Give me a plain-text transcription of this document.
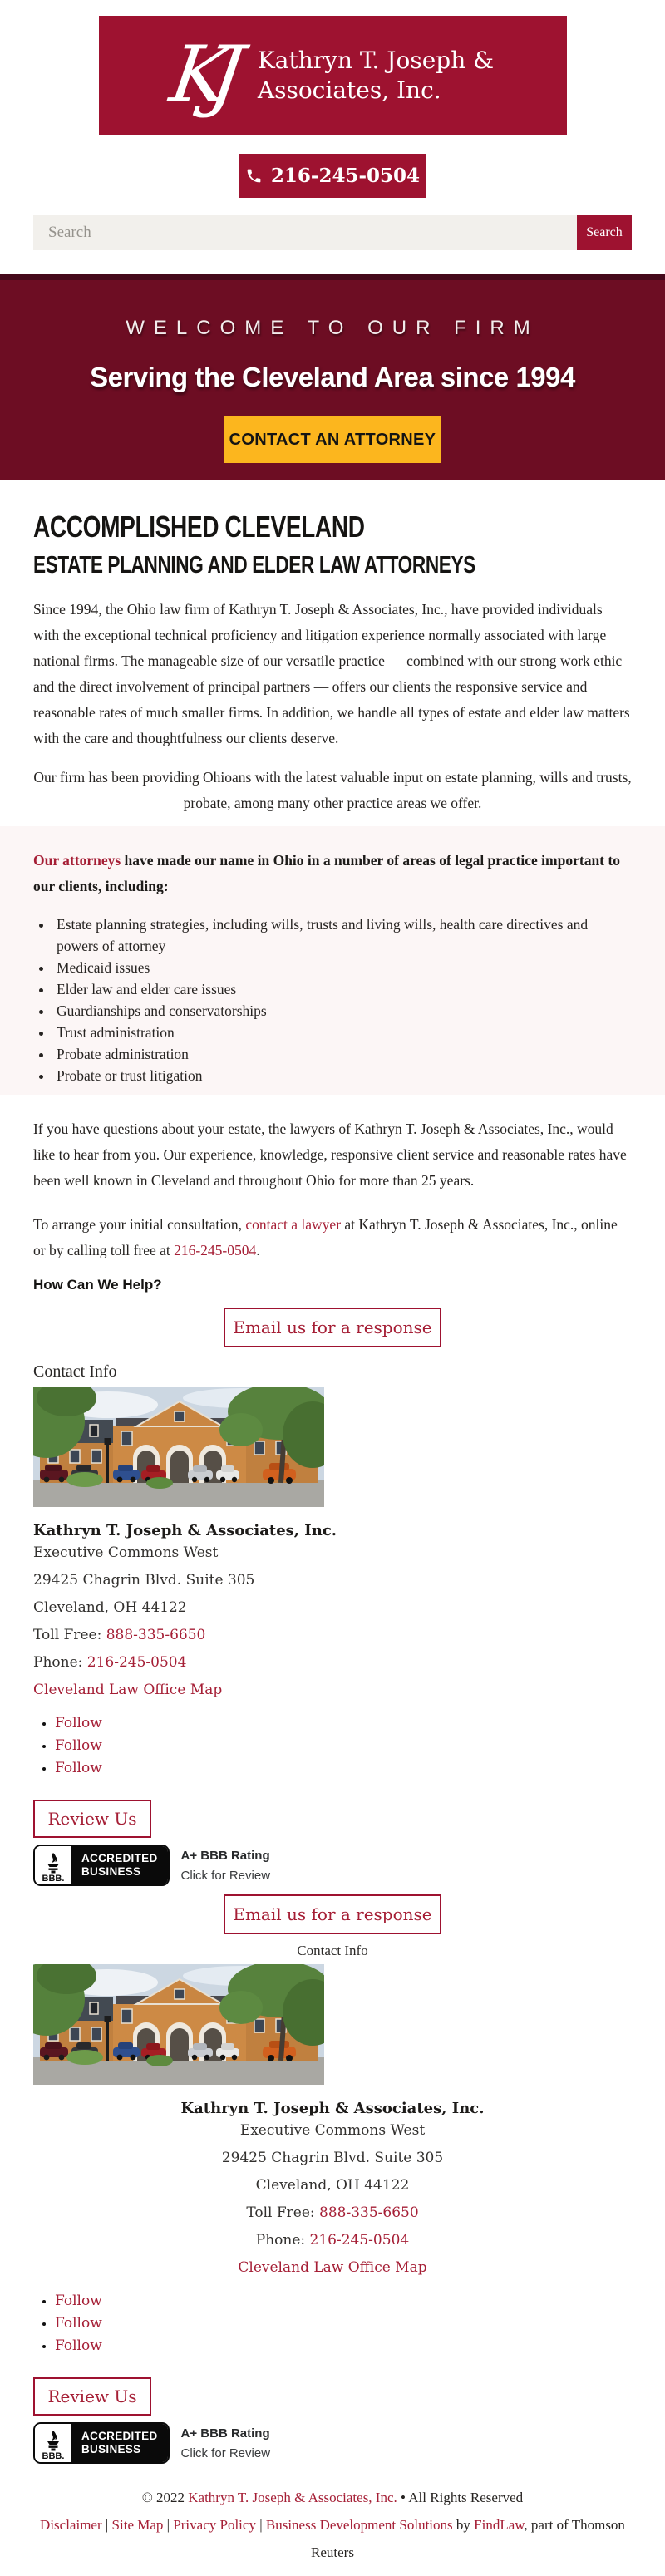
KJ	Kathryn T. Joseph &
Associates, Inc.
216-245-0504
Search
Search
WELCOME TO OUR FIRM
Serving the Cleveland Area since 1994
CONTACT AN ATTORNEY
ACCOMPLISHED CLEVELAND
ESTATE PLANNING AND ELDER LAW ATTORNEYS

Since 1994, the Ohio law firm of Kathryn T. Joseph & Associates, Inc., have provided individuals with the exceptional technical proficiency and litigation experience normally associated with large national firms. The manageable size of our versatile practice — combined with our strong work ethic and the direct involvement of principal partners — offers our clients the responsive service and reasonable rates of much smaller firms. In addition, we handle all types of estate and elder law matters with the care and thoughtfulness our clients deserve.

Our firm has been providing Ohioans with the latest valuable input on estate planning, wills and trusts, probate, among many other practice areas we offer.

Our attorneys have made our name in Ohio in a number of areas of legal practice important to our clients, including:

• Estate planning strategies, including wills, trusts and living wills, health care directives and powers of attorney
• Medicaid issues
• Elder law and elder care issues
• Guardianships and conservatorships
• Trust administration
• Probate administration
• Probate or trust litigation

If you have questions about your estate, the lawyers of Kathryn T. Joseph & Associates, Inc., would like to hear from you. Our experience, knowledge, responsive client service and reasonable rates have been well known in Cleveland and throughout Ohio for more than 25 years.

To arrange your initial consultation, contact a lawyer at Kathryn T. Joseph & Associates, Inc., online or by calling toll free at 216-245-0504.

How Can We Help?
Email us for a response
Contact Info
Kathryn T. Joseph & Associates, Inc.
Executive Commons West
29425 Chagrin Blvd. Suite 305
Cleveland, OH 44122
Toll Free: 888-335-6650
Phone: 216-245-0504
Cleveland Law Office Map
• Follow
• Follow
• Follow
Review Us
BBB.
ACCREDITED
BUSINESS
A+ BBB Rating
Click for Review
Email us for a response
Contact Info
Kathryn T. Joseph & Associates, Inc.
Executive Commons West
29425 Chagrin Blvd. Suite 305
Cleveland, OH 44122
Toll Free: 888-335-6650
Phone: 216-245-0504
Cleveland Law Office Map
• Follow
• Follow
• Follow
Review Us
BBB.
ACCREDITED
BUSINESS
A+ BBB Rating
Click for Review
© 2022 Kathryn T. Joseph & Associates, Inc. • All Rights Reserved
Disclaimer | Site Map | Privacy Policy | Business Development Solutions by FindLaw, part of Thomson Reuters
